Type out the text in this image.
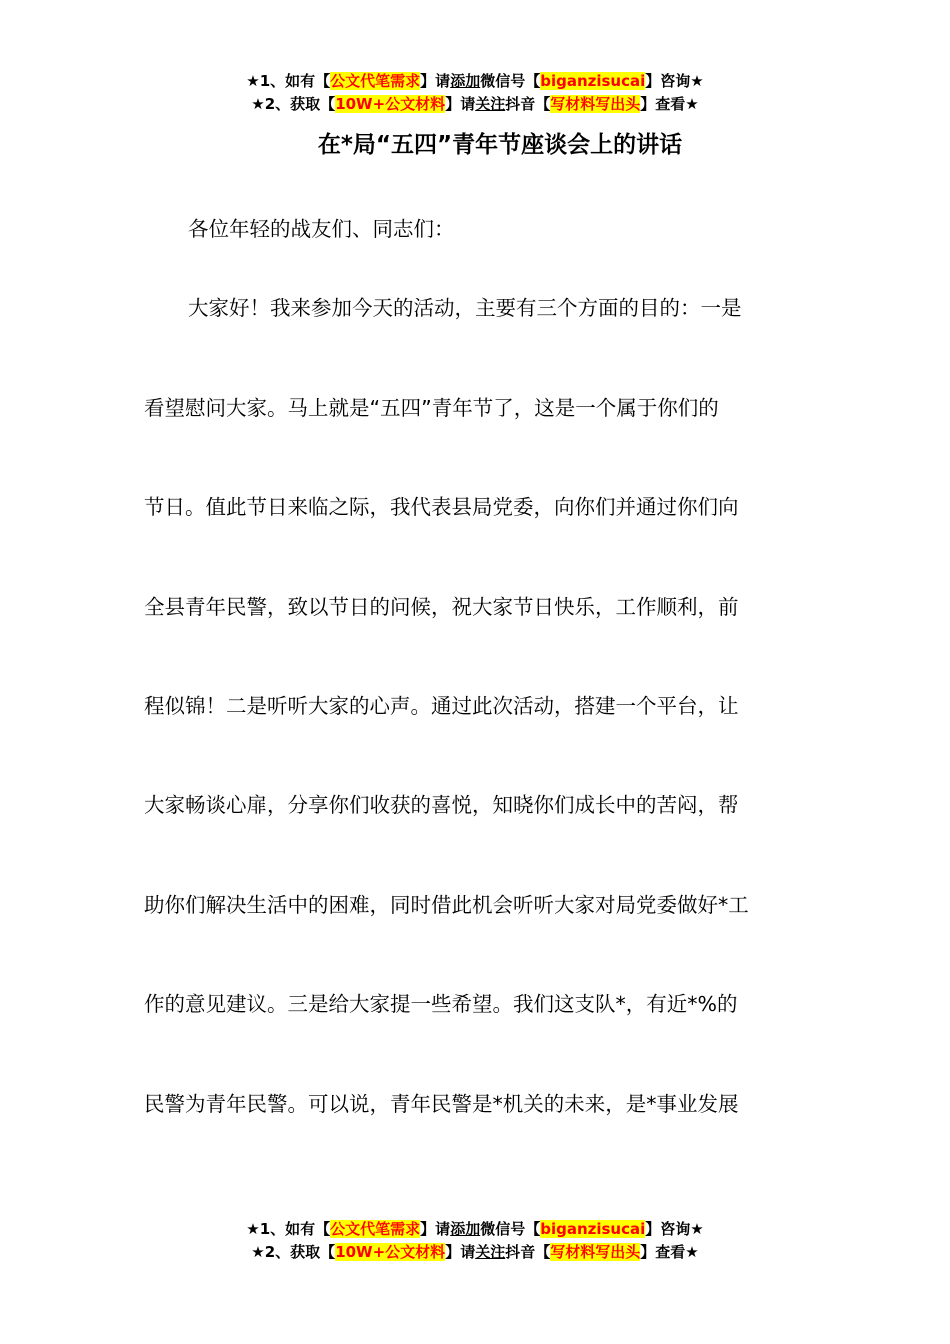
★1、如有【公文代笔需求】请添加微信号【biganzisucai】咨询★
★2、获取【10W+公文材料】请关注抖音【写材料写出头】查看★
在*局“五四”青年节座谈会上的讲话
各位年轻的战友们、同志们：
大家好！我来参加今天的活动，主要有三个方面的目的：一是
看望慰问大家。马上就是“五四”青年节了，这是一个属于你们的
节日。值此节日来临之际，我代表县局党委，向你们并通过你们向
全县青年民警，致以节日的问候，祝大家节日快乐，工作顺利，前
程似锦！二是听听大家的心声。通过此次活动，搭建一个平台，让
大家畅谈心扉，分享你们收获的喜悦，知晓你们成长中的苦闷，帮
助你们解决生活中的困难，同时借此机会听听大家对局党委做好*工
作的意见建议。三是给大家提一些希望。我们这支队*，有近*%的
民警为青年民警。可以说，青年民警是*机关的未来，是*事业发展
★1、如有【公文代笔需求】请添加微信号【biganzisucai】咨询★
★2、获取【10W+公文材料】请关注抖音【写材料写出头】查看★
